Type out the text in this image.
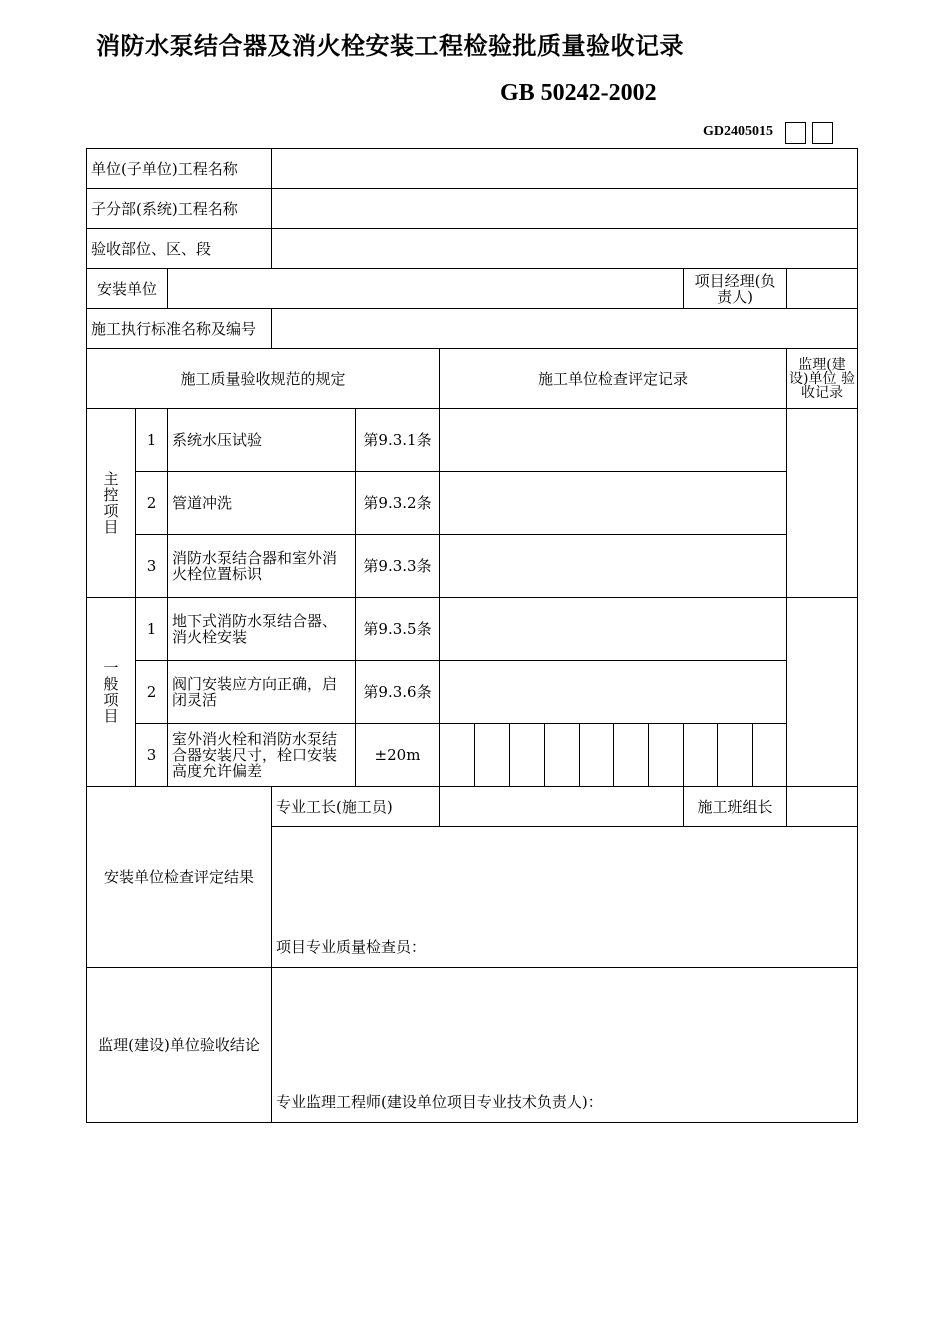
消防水泵结合器及消火栓安装工程检验批质量验收记录
GB 50242-2002
GD2405015
单位(子单位)工程名称															
子分部(系统)工程名称															
验收部位、区、段															
安装单位												项目经理(负责人)			
施工执行标准名称及编号															
施工质量验收规范的规定					施工单位检查评定记录										监理(建设)单位 验收记录

主控项目	1	系统水压试验		第9.3.1条											
	2	管道冲洗		第9.3.2条											
	3	消防水泵结合器和室外消火栓位置标识		第9.3.3条											

一般项目	1	地下式消防水泵结合器、消火栓安装		第9.3.5条											
	2	阀门安装应方向正确，启闭灵活		第9.3.6条											
	3	室外消火栓和消防水泵结合器安装尺寸，栓口安装高度允许偏差		±20m											
安装单位检查评定结果			专业工长(施工员)									施工班组长			
			项目专业质量检查员：												
监理(建设)单位验收结论			专业监理工程师(建设单位项目专业技术负责人)：												
